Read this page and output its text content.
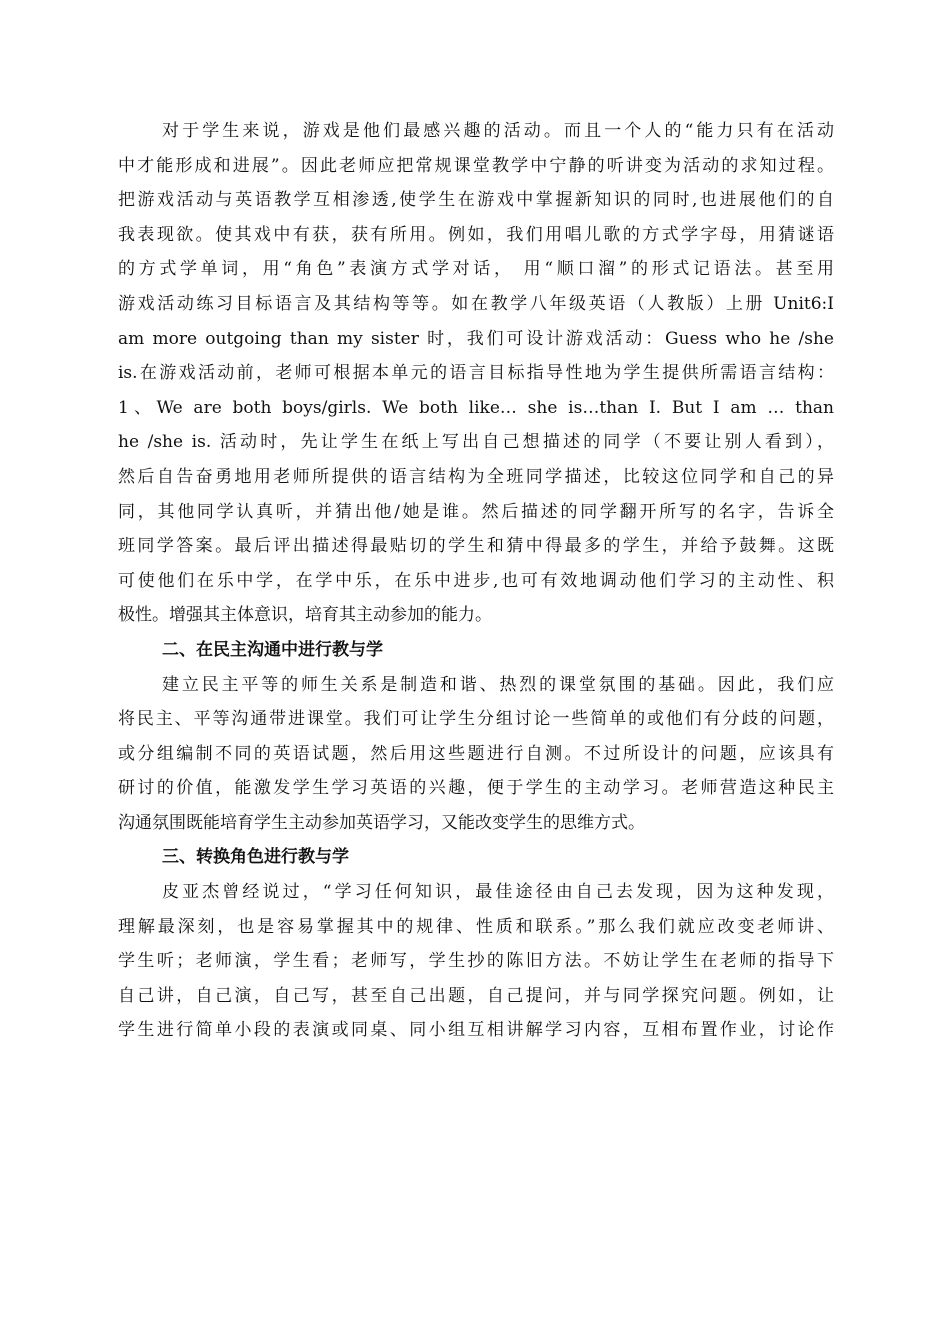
对于学生来说，游戏是他们最感兴趣的活动。而且一个人的“能力只有在活动
中才能形成和进展”。因此老师应把常规课堂教学中宁静的听讲变为活动的求知过程。
把游戏活动与英语教学互相渗透,使学生在游戏中掌握新知识的同时,也进展他们的自
我表现欲。使其戏中有获，获有所用。例如，我们用唱儿歌的方式学字母，用猜谜语
的方式学单词，用“角色”表演方式学对话， 用“顺口溜”的形式记语法。甚至用
游戏活动练习目标语言及其结构等等。如在教学八年级英语（人教版）上册 Unit6:I
am more outgoing than my sister 时，我们可设计游戏活动：Guess who he /she
is.在游戏活动前，老师可根据本单元的语言目标指导性地为学生提供所需语言结构：
1、We are both boys/girls. We both like… she is…than I. But I am … than
he /she is. 活动时，先让学生在纸上写出自己想描述的同学（不要让别人看到），
然后自告奋勇地用老师所提供的语言结构为全班同学描述，比较这位同学和自己的异
同，其他同学认真听，并猜出他/她是谁。然后描述的同学翻开所写的名字，告诉全
班同学答案。最后评出描述得最贴切的学生和猜中得最多的学生，并给予鼓舞。这既
可使他们在乐中学，在学中乐，在乐中进步,也可有效地调动他们学习的主动性、积
极性。增强其主体意识，培育其主动参加的能力。
二、在民主沟通中进行教与学
建立民主平等的师生关系是制造和谐、热烈的课堂氛围的基础。因此，我们应
将民主、平等沟通带进课堂。我们可让学生分组讨论一些简单的或他们有分歧的问题，
或分组编制不同的英语试题，然后用这些题进行自测。不过所设计的问题，应该具有
研讨的价值，能激发学生学习英语的兴趣，便于学生的主动学习。老师营造这种民主
沟通氛围既能培育学生主动参加英语学习，又能改变学生的思维方式。
三、转换角色进行教与学
皮亚杰曾经说过，“学习任何知识，最佳途径由自己去发现，因为这种发现，
理解最深刻，也是容易掌握其中的规律、性质和联系。”那么我们就应改变老师讲、
学生听；老师演，学生看；老师写，学生抄的陈旧方法。不妨让学生在老师的指导下
自己讲，自己演，自己写，甚至自己出题，自己提问，并与同学探究问题。例如，让
学生进行简单小段的表演或同桌、同小组互相讲解学习内容，互相布置作业，讨论作
